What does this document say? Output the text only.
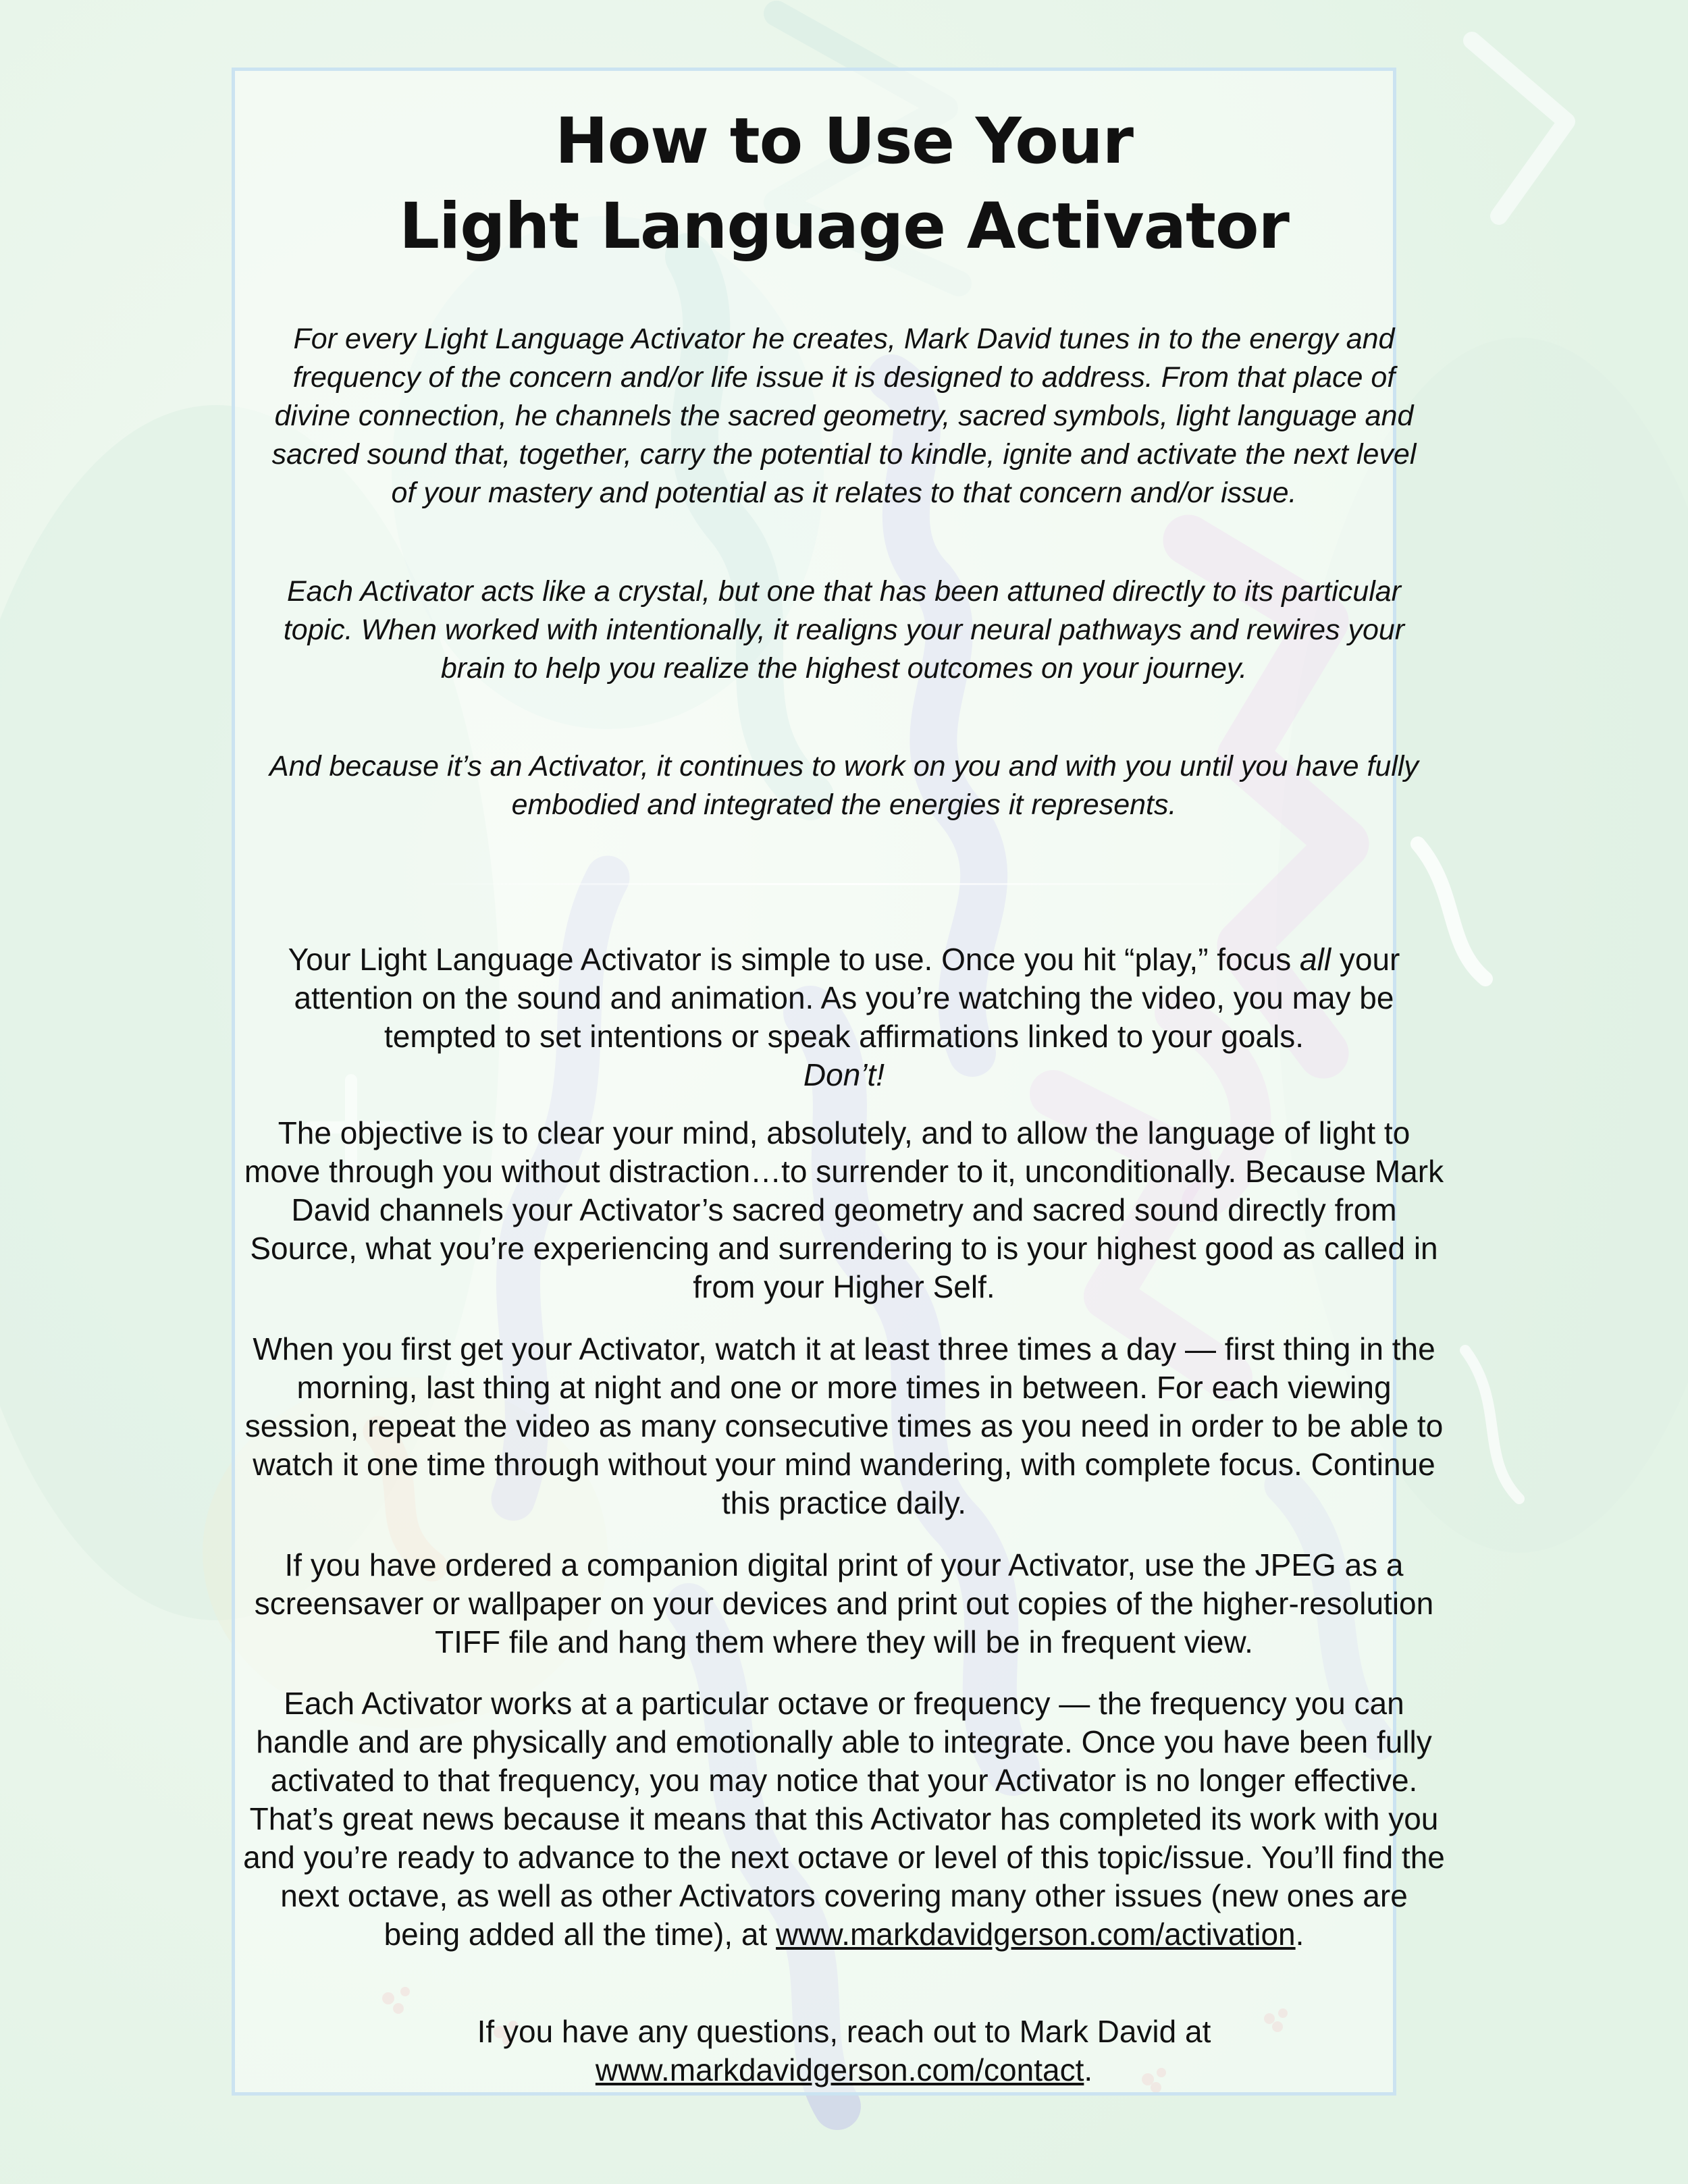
How to Use Your
Light Language Activator

For every Light Language Activator he creates, Mark David tunes in to the energy and frequency of the concern and/or life issue it is designed to address. From that place of divine connection, he channels the sacred geometry, sacred symbols, light language and sacred sound that, together, carry the potential to kindle, ignite and activate the next level of your mastery and potential as it relates to that concern and/or issue.

Each Activator acts like a crystal, but one that has been attuned directly to its particular topic. When worked with intentionally, it realigns your neural pathways and rewires your brain to help you realize the highest outcomes on your journey.

And because it’s an Activator, it continues to work on you and with you until you have fully embodied and integrated the energies it represents.

Your Light Language Activator is simple to use. Once you hit “play,” focus all your attention on the sound and animation. As you’re watching the video, you may be tempted to set intentions or speak affirmations linked to your goals.
Don’t!

The objective is to clear your mind, absolutely, and to allow the language of light to move through you without distraction…to surrender to it, unconditionally. Because Mark David channels your Activator’s sacred geometry and sacred sound directly from Source, what you’re experiencing and surrendering to is your highest good as called in from your Higher Self.

When you first get your Activator, watch it at least three times a day — first thing in the morning, last thing at night and one or more times in between. For each viewing session, repeat the video as many consecutive times as you need in order to be able to watch it one time through without your mind wandering, with complete focus. Continue this practice daily.

If you have ordered a companion digital print of your Activator, use the JPEG as a screensaver or wallpaper on your devices and print out copies of the higher-resolution TIFF file and hang them where they will be in frequent view.

Each Activator works at a particular octave or frequency — the frequency you can handle and are physically and emotionally able to integrate. Once you have been fully activated to that frequency, you may notice that your Activator is no longer effective. That’s great news because it means that this Activator has completed its work with you and you’re ready to advance to the next octave or level of this topic/issue. You’ll find the next octave, as well as other Activators covering many other issues (new ones are being added all the time), at www.markdavidgerson.com/activation.

If you have any questions, reach out to Mark David at
www.markdavidgerson.com/contact.
